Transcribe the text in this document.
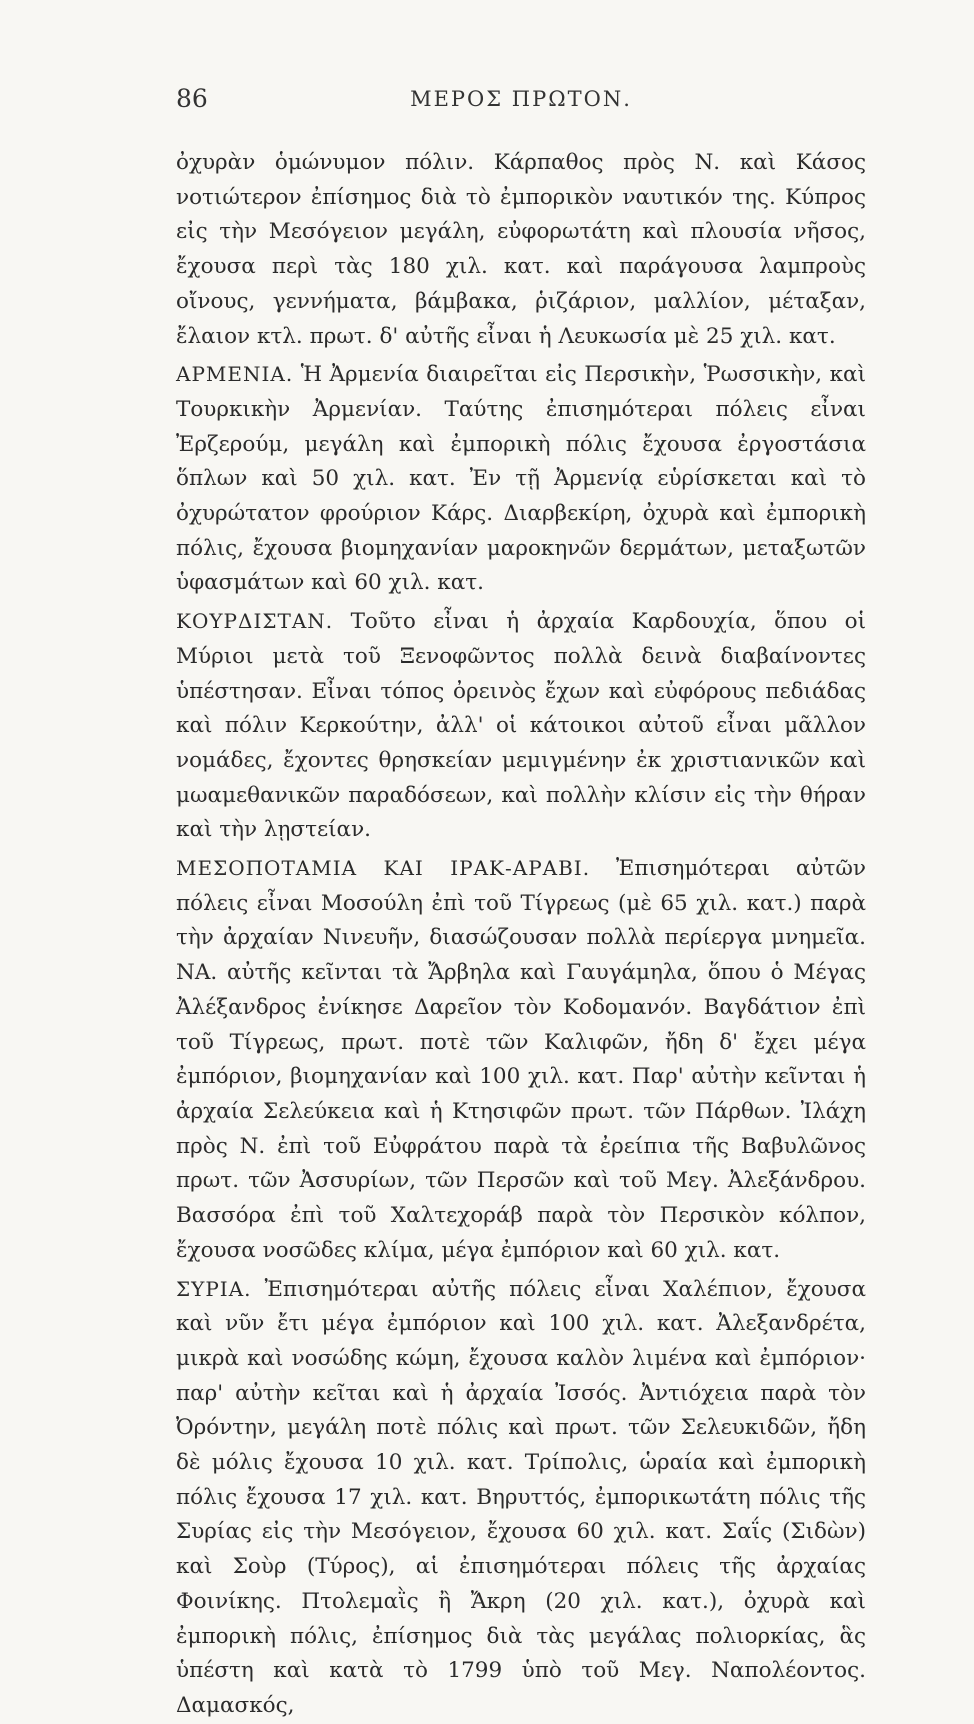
86	ΜΕΡΟΣ ΠΡΩΤΟΝ.

ὀχυρὰν ὁμώνυμον πόλιν. Κάρπαθος πρὸς Ν. καὶ Κάσος νοτιώτερον ἐπίσημος διὰ τὸ ἐμπορικὸν ναυτικόν της. Κύπρος εἰς τὴν Μεσόγειον μεγάλη, εὐφορωτάτη καὶ πλουσία νῆσος, ἔχουσα περὶ τὰς 180 χιλ. κατ. καὶ παράγουσα λαμπροὺς οἴνους, γεννήματα, βάμβακα, ῥιζάριον, μαλλίον, μέταξαν, ἔλαιον κτλ. πρωτ. δ' αὐτῆς εἶναι ἡ Λευκωσία μὲ 25 χιλ. κατ.

ΑΡΜΕΝΙΑ. Ἡ Ἀρμενία διαιρεῖται εἰς Περσικὴν, Ῥωσσικὴν, καὶ Τουρκικὴν Ἀρμενίαν. Ταύτης ἐπισημότεραι πόλεις εἶναι Ἐρζερούμ, μεγάλη καὶ ἐμπορικὴ πόλις ἔχουσα ἐργοστάσια ὅπλων καὶ 50 χιλ. κατ. Ἐν τῇ Ἀρμενίᾳ εὑρίσκεται καὶ τὸ ὀχυρώτατον φρούριον Κάρς. Διαρβεκίρη, ὀχυρὰ καὶ ἐμπορικὴ πόλις, ἔχουσα βιομηχανίαν μαροκηνῶν δερμάτων, μεταξωτῶν ὑφασμάτων καὶ 60 χιλ. κατ.

ΚΟΥΡΔΙΣΤΑΝ. Τοῦτο εἶναι ἡ ἀρχαία Καρδουχία, ὅπου οἱ Μύριοι μετὰ τοῦ Ξενοφῶντος πολλὰ δεινὰ διαβαίνοντες ὑπέστησαν. Εἶναι τόπος ὀρεινὸς ἔχων καὶ εὐφόρους πεδιάδας καὶ πόλιν Κερκούτην, ἀλλ' οἱ κάτοικοι αὐτοῦ εἶναι μᾶλλον νομάδες, ἔχοντες θρησκείαν μεμιγμένην ἐκ χριστιανικῶν καὶ μωαμεθανικῶν παραδόσεων, καὶ πολλὴν κλίσιν εἰς τὴν θήραν καὶ τὴν λῃστείαν.

ΜΕΣΟΠΟΤΑΜΙΑ ΚΑΙ ΙΡΑΚ-ΑΡΑΒΙ. Ἐπισημότεραι αὐτῶν πόλεις εἶναι Μοσούλη ἐπὶ τοῦ Τίγρεως (μὲ 65 χιλ. κατ.) παρὰ τὴν ἀρχαίαν Νινευῆν, διασώζουσαν πολλὰ περίεργα μνημεῖα. ΝΑ. αὐτῆς κεῖνται τὰ Ἄρβηλα καὶ Γαυγάμηλα, ὅπου ὁ Μέγας Ἀλέξανδρος ἐνίκησε Δαρεῖον τὸν Κοδομανόν. Βαγδάτιον ἐπὶ τοῦ Τίγρεως, πρωτ. ποτὲ τῶν Καλιφῶν, ἤδη δ' ἔχει μέγα ἐμπόριον, βιομηχανίαν καὶ 100 χιλ. κατ. Παρ' αὐτὴν κεῖνται ἡ ἀρχαία Σελεύκεια καὶ ἡ Κτησιφῶν πρωτ. τῶν Πάρθων. Ἰλάχη πρὸς Ν. ἐπὶ τοῦ Εὐφράτου παρὰ τὰ ἐρείπια τῆς Βαβυλῶνος πρωτ. τῶν Ἀσσυρίων, τῶν Περσῶν καὶ τοῦ Μεγ. Ἀλεξάνδρου. Βασσόρα ἐπὶ τοῦ Χαλτεχοράβ παρὰ τὸν Περσικὸν κόλπον, ἔχουσα νοσῶδες κλίμα, μέγα ἐμπόριον καὶ 60 χιλ. κατ.

ΣΥΡΙΑ. Ἐπισημότεραι αὐτῆς πόλεις εἶναι Χαλέπιον, ἔχουσα καὶ νῦν ἔτι μέγα ἐμπόριον καὶ 100 χιλ. κατ. Ἀλεξανδρέτα, μικρὰ καὶ νοσώδης κώμη, ἔχουσα καλὸν λιμένα καὶ ἐμπόριον· παρ' αὐτὴν κεῖται καὶ ἡ ἀρχαία Ἰσσός. Ἀντιόχεια παρὰ τὸν Ὀρόντην, μεγάλη ποτὲ πόλις καὶ πρωτ. τῶν Σελευκιδῶν, ἤδη δὲ μόλις ἔχουσα 10 χιλ. κατ. Τρίπολις, ὡραία καὶ ἐμπορικὴ πόλις ἔχουσα 17 χιλ. κατ. Βηρυττός, ἐμπορικωτάτη πόλις τῆς Συρίας εἰς τὴν Μεσόγειον, ἔχουσα 60 χιλ. κατ. Σαΐς (Σιδὼν) καὶ Σοὺρ (Τύρος), αἱ ἐπισημότεραι πόλεις τῆς ἀρχαίας Φοινίκης. Πτολεμαῒς ἢ Ἄκρη (20 χιλ. κατ.), ὀχυρὰ καὶ ἐμπορικὴ πόλις, ἐπίσημος διὰ τὰς μεγάλας πολιορκίας, ἃς ὑπέστη καὶ κατὰ τὸ 1799 ὑπὸ τοῦ Μεγ. Ναπολέοντος. Δαμασκός,
